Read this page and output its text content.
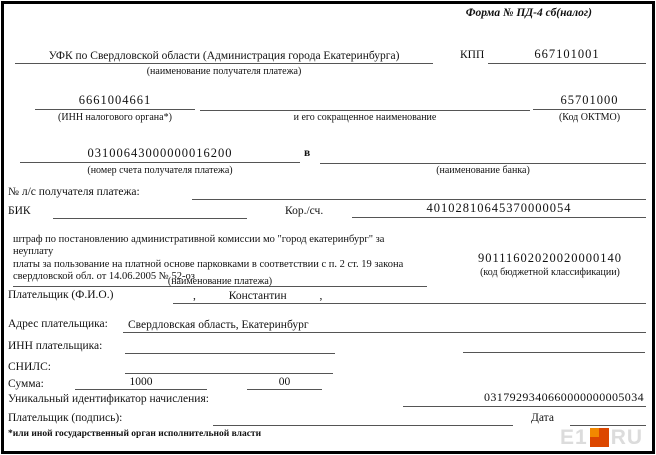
Форма № ПД-4 сб(налог)
УФК по Свердловской области (Администрация города Екатеринбурга)
(наименование получателя платежа)
КПП	667101001
6661004661
(ИНН налогового органа*)	и его сокращенное наименование
65701000
(Код ОКТМО)
03100643000000016200
(номер счета получателя платежа)
в
(наименование банка)
№ л/с получателя платежа:
БИК	Кор./сч.	40102810645370000054
штраф по постановлению административной комиссии мо "город екатеринбург" за неуплату
платы за пользование на платной основе парковками в соответствии с п. 2 ст. 19 закона
свердловской обл. от 14.06.2005 № 52-оз
(наименование платежа)
90111602020020000140
(код бюджетной классификации)
Плательщик (Ф.И.О.)	, Константин ,
Адрес плательщика:	Свердловская область, Екатеринбург
ИНН плательщика:
СНИЛС:
Сумма:	1000	00
Уникальный идентификатор начисления:	0317929340660000000005034
Плательщик (подпись):	Дата
*или иной государственный орган исполнительной власти	E1 RU
